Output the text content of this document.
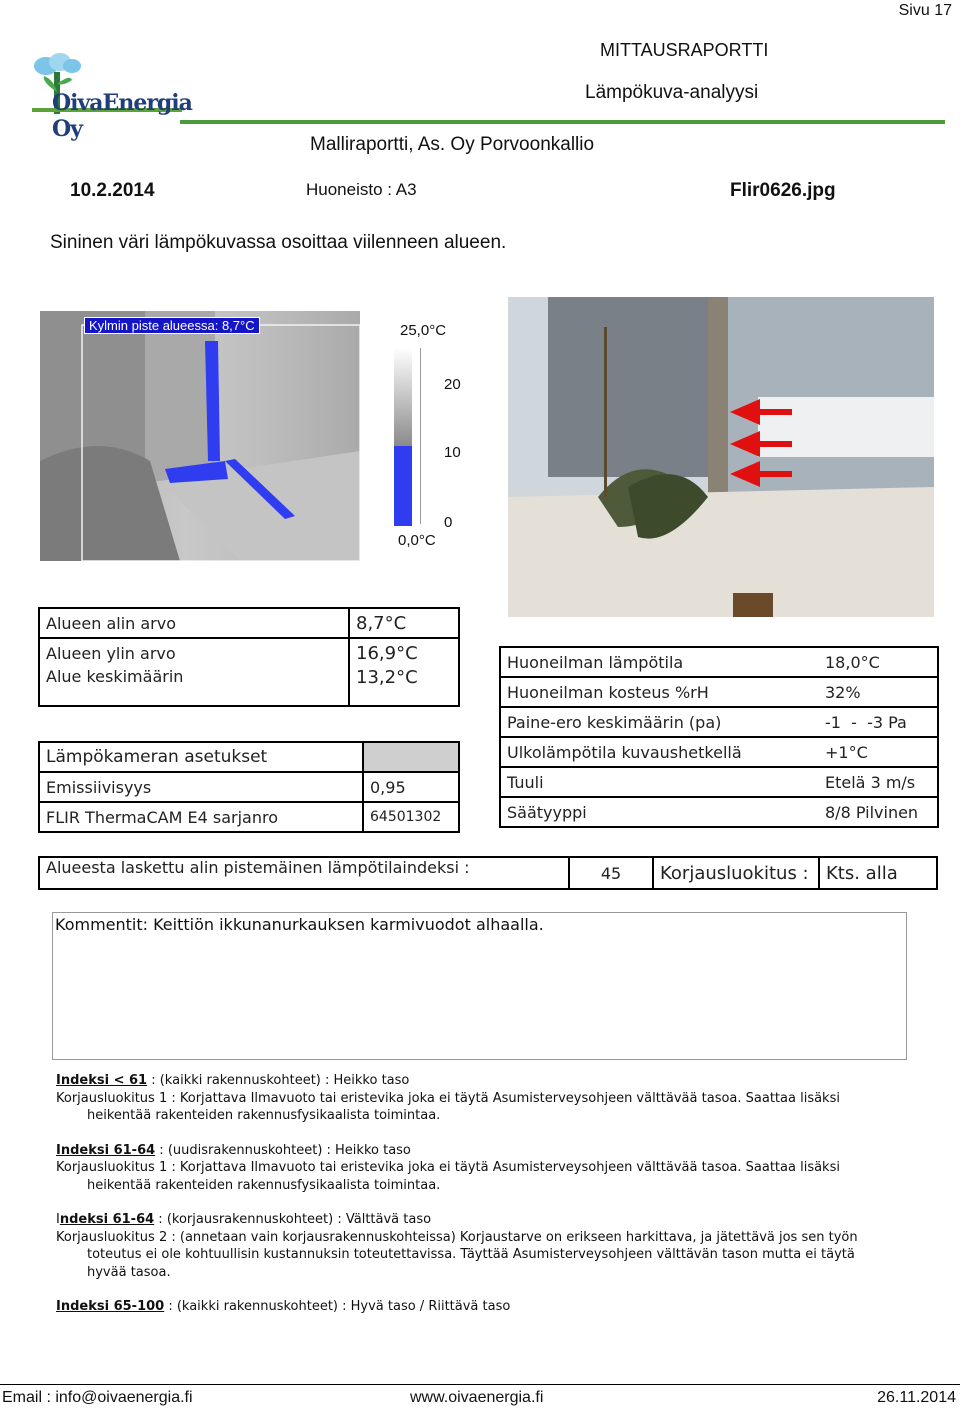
Sivu 17
OivaEnergia Oy
MITTAUSRAPORTTI
Lämpökuva-analyysi
Malliraportti, As. Oy Porvoonkallio
10.2.2014	Huoneisto : A3	Flir0626.jpg
Sininen väri lämpökuvassa osoittaa viilenneen alueen.
Kylmin piste alueessa: 8,7°C	25,0°C
20
10
0
0,0°C
Alueen alin arvo	8,7°C
Alueen ylin arvo	16,9°C
Alue keskimäärin	13,2°C
Lämpökameran asetukset	
Emissiivisyys	0,95
FLIR ThermaCAM E4 sarjanro	64501302
Huoneilman lämpötila	18,0°C
Huoneilman kosteus %rH	32%
Paine-ero keskimäärin (pa)	-1  -  -3 Pa
Ulkolämpötila kuvaushetkellä	+1°C
Tuuli	Etelä 3 m/s
Säätyyppi	8/8 Pilvinen
Alueesta laskettu alin pistemäinen lämpötilaindeksi :	45	Korjausluokitus :	Kts. alla
Kommentit: Keittiön ikkunanurkauksen karmivuodot alhaalla.

Indeksi < 61 : (kaikki rakennuskohteet) : Heikko taso

Korjausluokitus 1 : Korjattava Ilmavuoto tai eristevika joka ei täytä Asumisterveysohjeen välttävää tasoa. Saattaa lisäksi

heikentää rakenteiden rakennusfysikaalista toimintaa.

Indeksi 61-64 : (uudisrakennuskohteet) : Heikko taso

Korjausluokitus 1 : Korjattava Ilmavuoto tai eristevika joka ei täytä Asumisterveysohjeen välttävää tasoa. Saattaa lisäksi

heikentää rakenteiden rakennusfysikaalista toimintaa.

Indeksi 61-64 : (korjausrakennuskohteet) : Välttävä taso

Korjausluokitus 2 : (annetaan vain korjausrakennuskohteissa) Korjaustarve on erikseen harkittava, ja jätettävä jos sen työn

toteutus ei ole kohtuullisin kustannuksin toteutettavissa. Täyttää Asumisterveysohjeen välttävän tason mutta ei täytä

hyvää tasoa.

Indeksi 65-100 : (kaikki rakennuskohteet) : Hyvä taso / Riittävä taso

Email : info@oivaenergia.fi	www.oivaenergia.fi	26.11.2014
